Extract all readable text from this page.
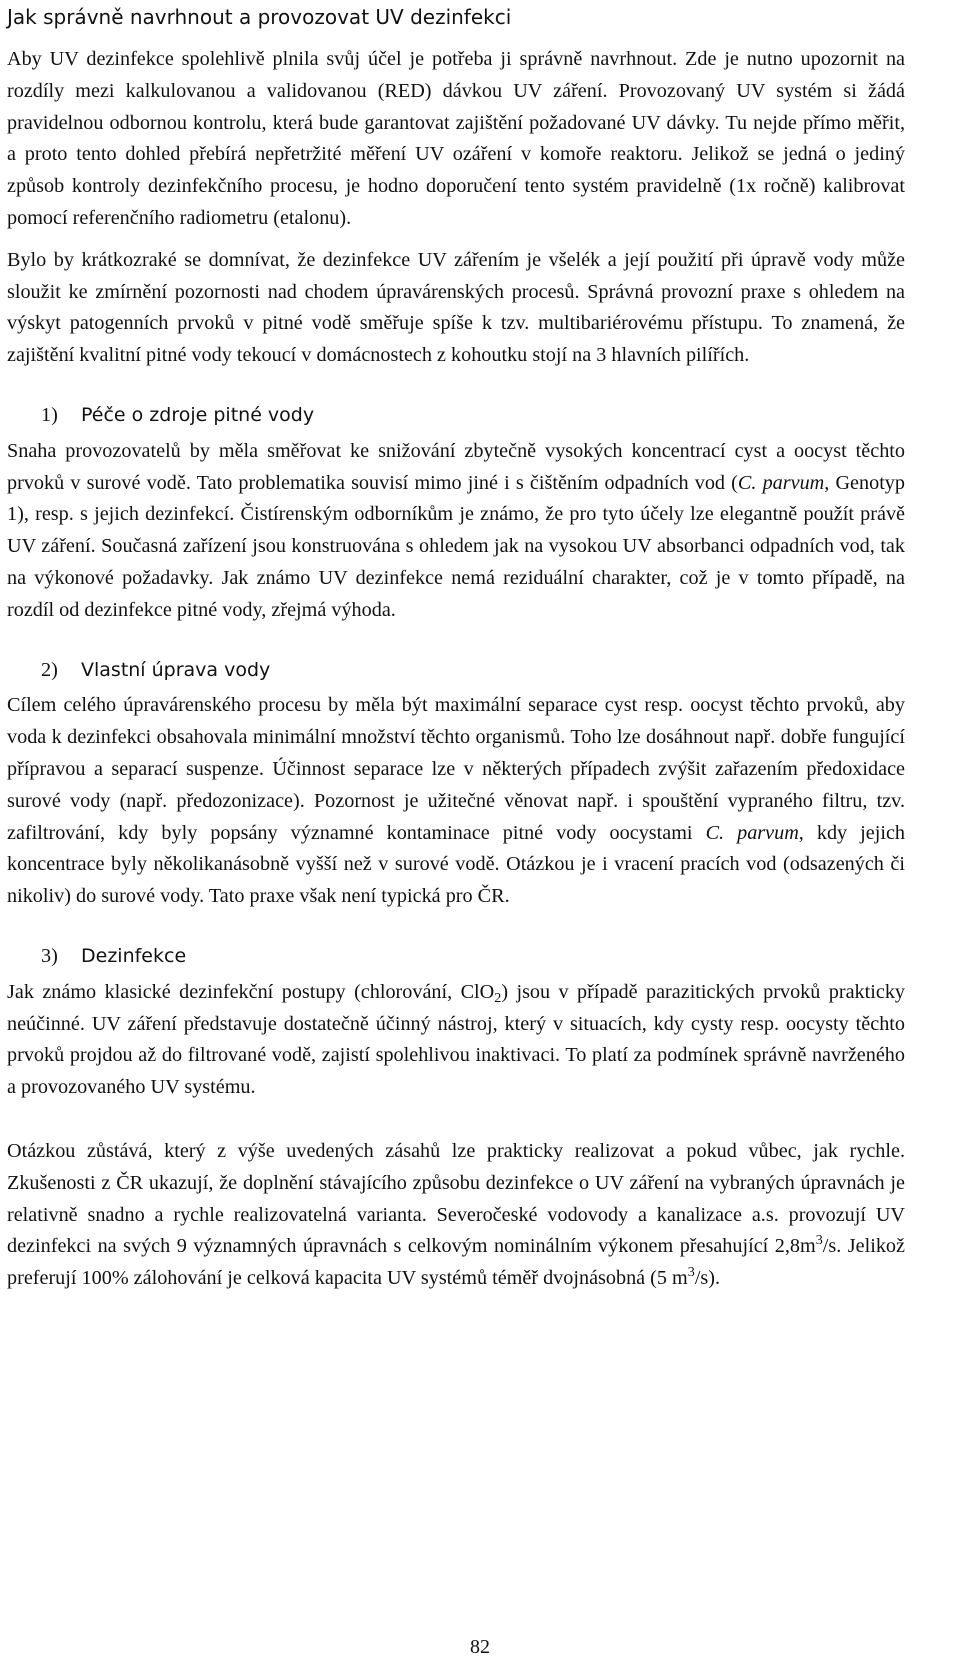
Jak správně navrhnout a provozovat UV dezinfekci

Aby UV dezinfekce spolehlivě plnila svůj účel je potřeba ji správně navrhnout. Zde je nutno upozornit na rozdíly mezi kalkulovanou a validovanou (RED) dávkou UV záření. Provozovaný UV systém si žádá pravidelnou odbornou kontrolu, která bude garantovat zajištění požadované UV dávky. Tu nejde přímo měřit, a proto tento dohled přebírá nepřetržité měření UV ozáření v komoře reaktoru. Jelikož se jedná o jediný způsob kontroly dezinfekčního procesu, je hodno doporučení tento systém pravidelně (1x ročně) kalibrovat pomocí referenčního radiometru (etalonu).

Bylo by krátkozraké se domnívat, že dezinfekce UV zářením je všelék a její použití při úpravě vody může sloužit ke zmírnění pozornosti nad chodem úpravárenských procesů. Správná provozní praxe s ohledem na výskyt patogenních prvoků v pitné vodě směřuje spíše k tzv. multibariérovému přístupu. To znamená, že zajištění kvalitní pitné vody tekoucí v domácnostech z kohoutku stojí na 3 hlavních pilířích.

1)	Péče o zdroje pitné vody

Snaha provozovatelů by měla směřovat ke snižování zbytečně vysokých koncentrací cyst a oocyst těchto prvoků v surové vodě. Tato problematika souvisí mimo jiné i s čištěním odpadních vod (C. parvum, Genotyp 1), resp. s jejich dezinfekcí. Čistírenským odborníkům je známo, že pro tyto účely lze elegantně použít právě UV záření. Současná zařízení jsou konstruována s ohledem jak na vysokou UV absorbanci odpadních vod, tak na výkonové požadavky. Jak známo UV dezinfekce nemá reziduální charakter, což je v tomto případě, na rozdíl od dezinfekce pitné vody, zřejmá výhoda.

2)	Vlastní úprava vody

Cílem celého úpravárenského procesu by měla být maximální separace cyst resp. oocyst těchto prvoků, aby voda k dezinfekci obsahovala minimální množství těchto organismů. Toho lze dosáhnout např. dobře fungující přípravou a separací suspenze. Účinnost separace lze v některých případech zvýšit zařazením předoxidace surové vody (např. předozonizace). Pozornost je užitečné věnovat např. i spouštění vypraného filtru, tzv. zafiltrování, kdy byly popsány významné kontaminace pitné vody oocystami C. parvum, kdy jejich koncentrace byly několikanásobně vyšší než v surové vodě. Otázkou je i vracení pracích vod (odsazených či nikoliv) do surové vody. Tato praxe však není typická pro ČR.

3)	Dezinfekce

Jak známo klasické dezinfekční postupy (chlorování, ClO$_2$) jsou v případě parazitických prvoků prakticky neúčinné. UV záření představuje dostatečně účinný nástroj, který v situacích, kdy cysty resp. oocysty těchto prvoků projdou až do filtrované vodě, zajistí spolehlivou inaktivaci. To platí za podmínek správně navrženého a provozovaného UV systému.

Otázkou zůstává, který z výše uvedených zásahů lze prakticky realizovat a pokud vůbec, jak rychle. Zkušenosti z ČR ukazují, že doplnění stávajícího způsobu dezinfekce o UV záření na vybraných úpravnách je relativně snadno a rychle realizovatelná varianta. Severočeské vodovody a kanalizace a.s. provozují UV dezinfekci na svých 9 významných úpravnách s celkovým nominálním výkonem přesahující $2,8m^3/s$. Jelikož preferují 100% zálohování je celková kapacita UV systémů téměř dvojnásobná (5 $m^3/s$).

82
